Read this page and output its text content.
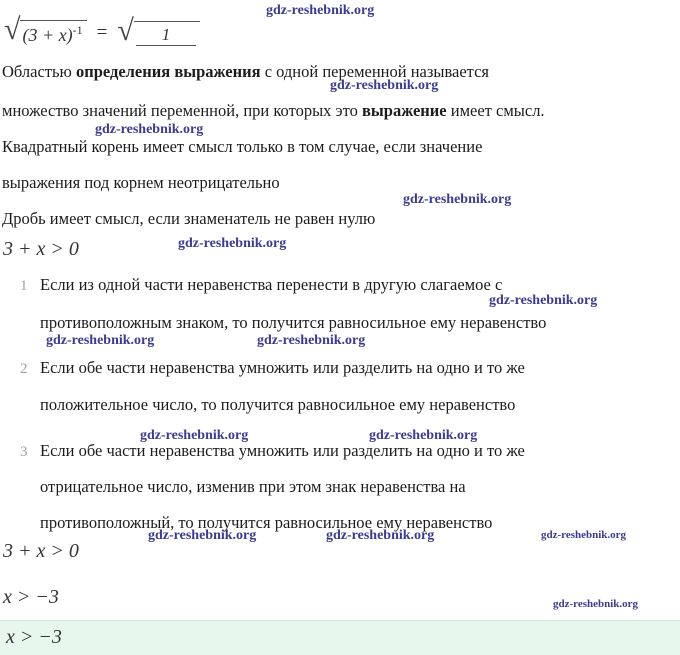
√ $(3 + x)^{-1}$ = √	1
Областью определения выражения с одной переменной называется
множество значений переменной, при которых это выражение имеет смысл.
Квадратный корень имеет смысл только в том случае, если значение
выражения под корнем неотрицательно
Дробь имеет смысл, если знаменатель не равен нулю
3 + x > 0
1 Если из одной части неравенства перенести в другую слагаемое с
противоположным знаком, то получится равносильное ему неравенство
2 Если обе части неравенства умножить или разделить на одно и то же
положительное число, то получится равносильное ему неравенство
3 Если обе части неравенства умножить или разделить на одно и то же
отрицательное число, изменив при этом знак неравенства на
противоположный, то получится равносильное ему неравенство
3 + x > 0
x > −3
x > −3
gdz-reshebnik.org
gdz-reshebnik.org
gdz-reshebnik.org
gdz-reshebnik.org
gdz-reshebnik.org
gdz-reshebnik.org
gdz-reshebnik.org	gdz-reshebnik.org
gdz-reshebnik.org	gdz-reshebnik.org
gdz-reshebnik.org	gdz-reshebnik.org	gdz-reshebnik.org
gdz-reshebnik.org
